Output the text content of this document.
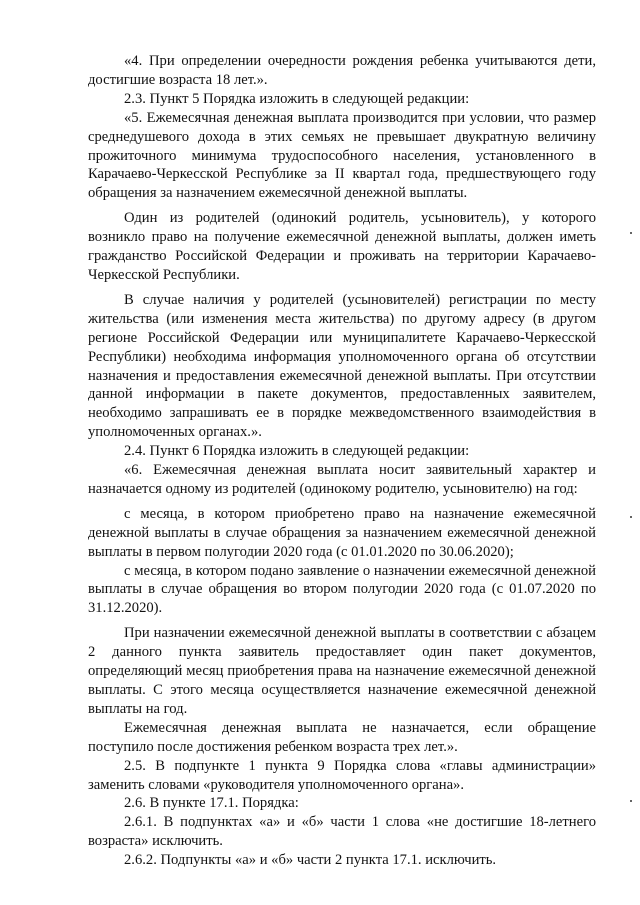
«4. При определении очередности рождения ребенка учитываются дети, достигшие возраста 18 лет.».

2.3. Пункт 5 Порядка изложить в следующей редакции:

«5. Ежемесячная денежная выплата производится при условии, что размер среднедушевого дохода в этих семьях не превышает двукратную величину прожиточного минимума трудоспособного населения, установленного в Карачаево-Черкесской Республике за II квартал года, предшествующего году обращения за назначением ежемесячной денежной выплаты.

Один из родителей (одинокий родитель, усыновитель), у которого возникло право на получение ежемесячной денежной выплаты, должен иметь гражданство Российской Федерации и проживать на территории Карачаево-Черкесской Республики.

В случае наличия у родителей (усыновителей) регистрации по месту жительства (или изменения места жительства) по другому адресу (в другом регионе Российской Федерации или муниципалитете Карачаево-Черкесской Республики) необходима информация уполномоченного органа об отсутствии назначения и предоставления ежемесячной денежной выплаты. При отсутствии данной информации в пакете документов, предоставленных заявителем, необходимо запрашивать ее в порядке межведомственного взаимодействия в уполномоченных органах.».

2.4. Пункт 6 Порядка изложить в следующей редакции:

«6. Ежемесячная денежная выплата носит заявительный характер и назначается одному из родителей (одинокому родителю, усыновителю) на год:

с месяца, в котором приобретено право на назначение ежемесячной денежной выплаты в случае обращения за назначением ежемесячной денежной выплаты в первом полугодии 2020 года (с 01.01.2020 по 30.06.2020);

с месяца, в котором подано заявление о назначении ежемесячной денежной выплаты в случае обращения во втором полугодии 2020 года (с 01.07.2020 по 31.12.2020).

При назначении ежемесячной денежной выплаты в соответствии с абзацем 2 данного пункта заявитель предоставляет один пакет документов, определяющий месяц приобретения права на назначение ежемесячной денежной выплаты. С этого месяца осуществляется назначение ежемесячной денежной выплаты на год.

Ежемесячная денежная выплата не назначается, если обращение поступило после достижения ребенком возраста трех лет.».

2.5. В подпункте 1 пункта 9 Порядка слова «главы администрации» заменить словами «руководителя уполномоченного органа».

2.6. В пункте 17.1. Порядка:

2.6.1. В подпунктах «а» и «б» части 1 слова «не достигшие 18-летнего возраста» исключить.

2.6.2. Подпункты «а» и «б» части 2 пункта 17.1. исключить.
